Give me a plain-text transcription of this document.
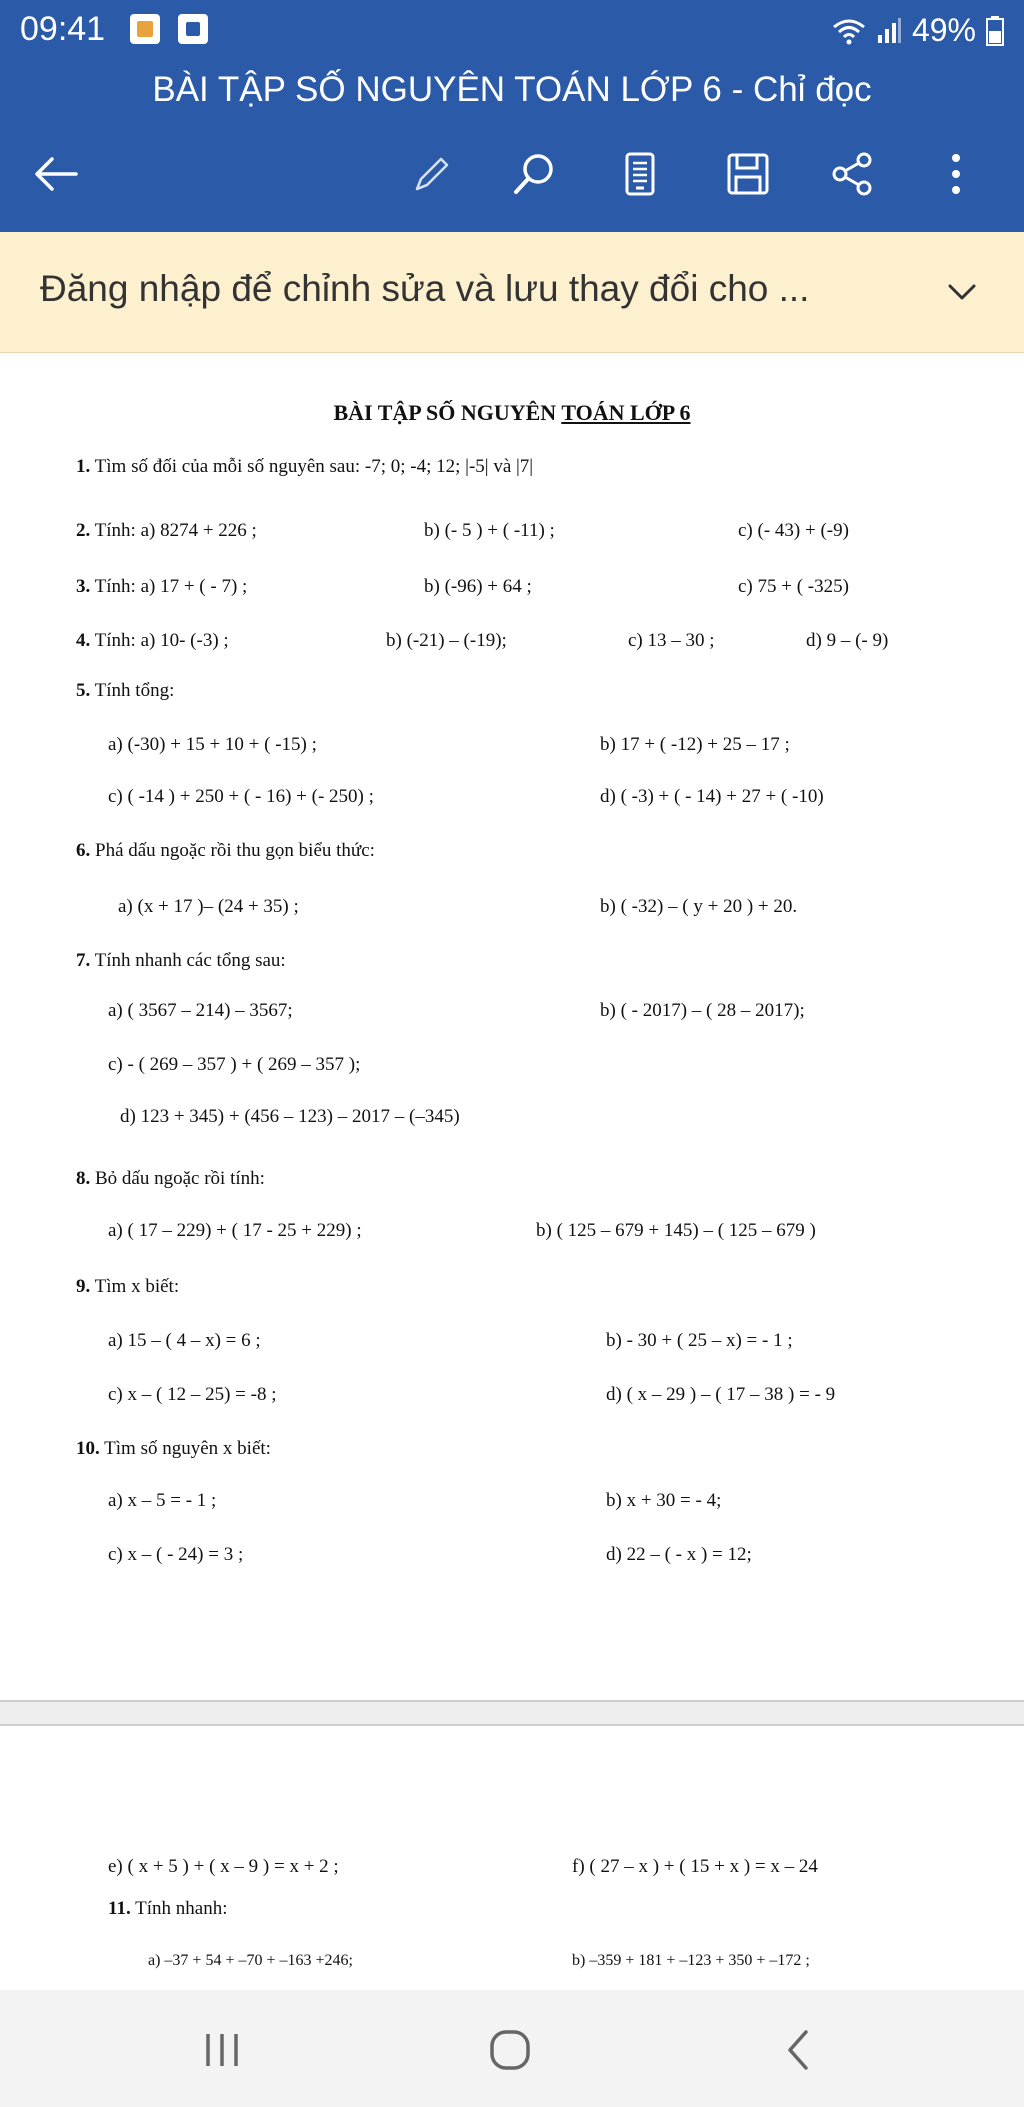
09:41	49%
BÀI TẬP SỐ NGUYÊN TOÁN LỚP 6 - Chỉ đọc
Đăng nhập để chỉnh sửa và lưu thay đổi cho ...
BÀI TẬP SỐ NGUYÊN TOÁN LỚP 6
1. Tìm số đối của mỗi số nguyên sau: -7; 0; -4; 12; |-5| và |7|
2. Tính: a) 8274 + 226 ;	b) (- 5 ) + ( -11) ;	c) (- 43) + (-9)
3. Tính: a) 17 + ( - 7) ;	b) (-96) + 64 ;	c) 75 + ( -325)
4. Tính: a) 10- (-3) ;	b) (-21) – (-19);	c) 13 – 30 ;	d) 9 – (- 9)
5. Tính tổng:
a) (-30) + 15 + 10 + ( -15) ;	b) 17 + ( -12) + 25 – 17 ;
c) ( -14 ) + 250 + ( - 16) + (- 250) ;	d) ( -3) + ( - 14) + 27 + ( -10)
6. Phá dấu ngoặc rồi thu gọn biểu thức:
a) (x + 17 )– (24 + 35) ;	b) ( -32) – ( y + 20 ) + 20.
7. Tính nhanh các tổng sau:
a) ( 3567 – 214) – 3567;	b) ( - 2017) – ( 28 – 2017);
c) - ( 269 – 357 ) + ( 269 – 357 );
d) 123 + 345) + (456 – 123) – 2017 – (–345)
8. Bỏ dấu ngoặc rồi tính:
a) ( 17 – 229) + ( 17 - 25 + 229) ;	b) ( 125 – 679 + 145) – ( 125 – 679 )
9. Tìm x biết:
a) 15 – ( 4 – x) = 6 ;	b) - 30 + ( 25 – x) = - 1 ;
c) x – ( 12 – 25) = -8 ;	d) ( x – 29 ) – ( 17 – 38 ) = - 9
10. Tìm số nguyên x biết:
a) x – 5 = - 1 ;	b) x + 30 = - 4;
c) x – ( - 24) = 3 ;	d) 22 – ( - x ) = 12;
e) ( x + 5 ) + ( x – 9 ) = x + 2 ;	f) ( 27 – x ) + ( 15 + x ) = x – 24
11. Tính nhanh:
a) –37 + 54 + –70 + –163 +246;	b) –359 + 181 + –123 + 350 + –172 ;
